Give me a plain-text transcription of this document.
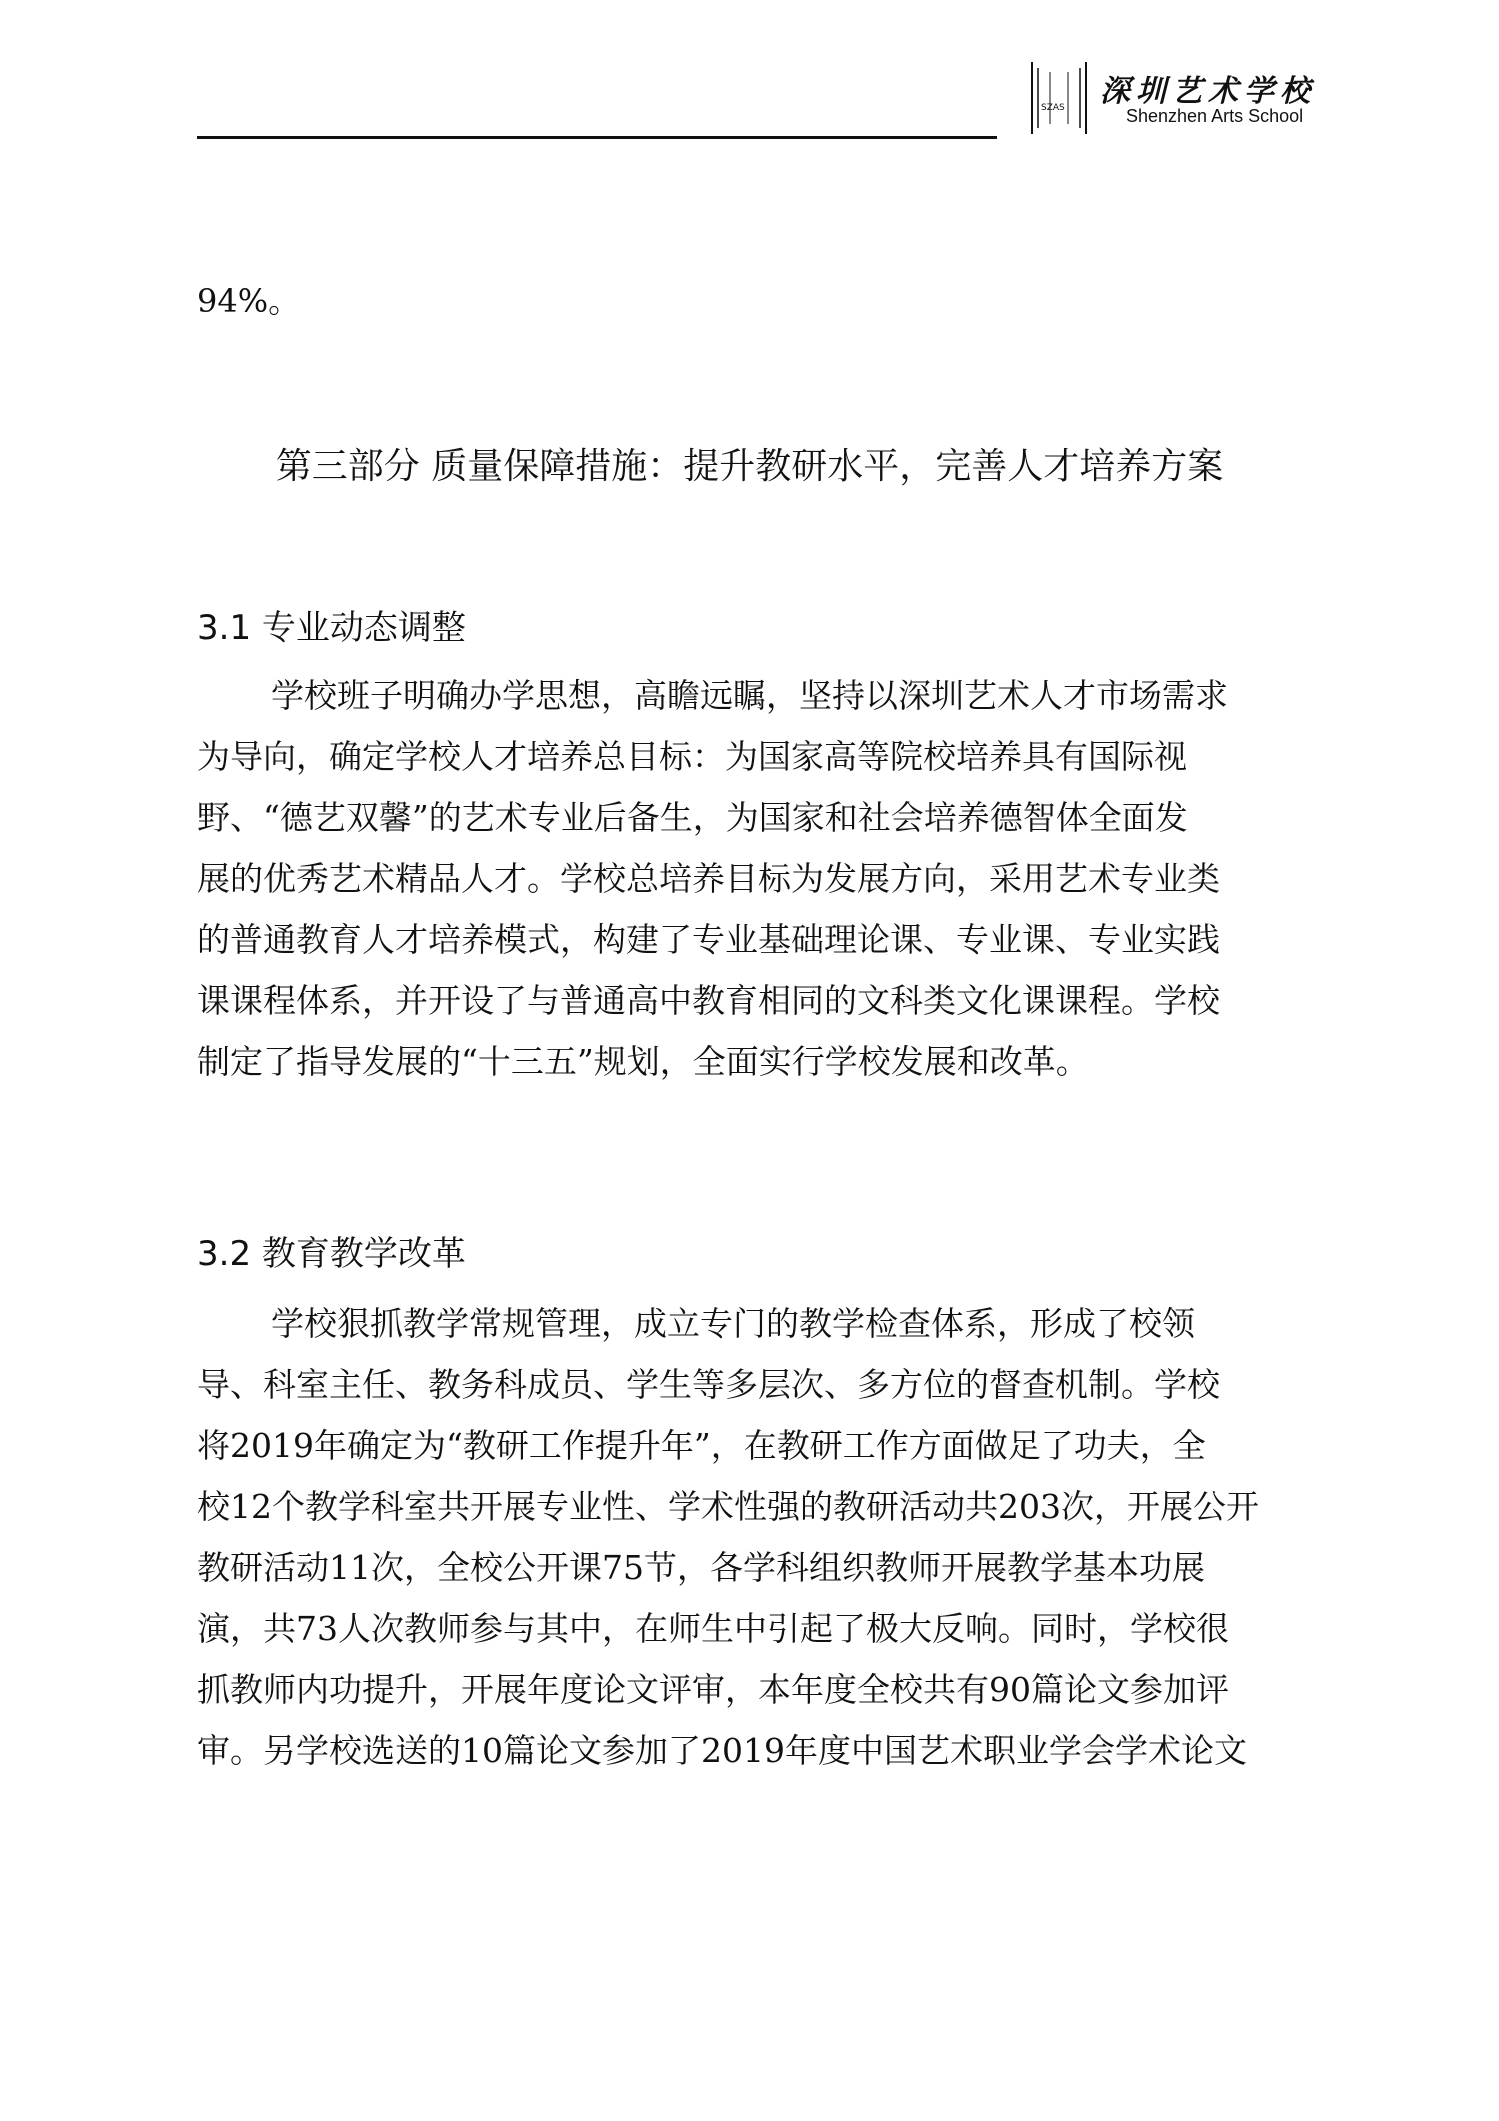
SZAS 深圳艺术学校
Shenzhen Arts School
94%。
第三部分 质量保障措施：提升教研水平，完善人才培养方案
3.1 专业动态调整
学校班子明确办学思想，高瞻远瞩，坚持以深圳艺术人才市场需求
为导向，确定学校人才培养总目标：为国家高等院校培养具有国际视
野、“德艺双馨”的艺术专业后备生，为国家和社会培养德智体全面发
展的优秀艺术精品人才。学校总培养目标为发展方向，采用艺术专业类
的普通教育人才培养模式，构建了专业基础理论课、专业课、专业实践
课课程体系，并开设了与普通高中教育相同的文科类文化课课程。学校
制定了指导发展的“十三五”规划，全面实行学校发展和改革。
3.2 教育教学改革
学校狠抓教学常规管理，成立专门的教学检查体系，形成了校领
导、科室主任、教务科成员、学生等多层次、多方位的督查机制。学校
将2019年确定为“教研工作提升年”，在教研工作方面做足了功夫，全
校12个教学科室共开展专业性、学术性强的教研活动共203次，开展公开
教研活动11次，全校公开课75节，各学科组织教师开展教学基本功展
演，共73人次教师参与其中，在师生中引起了极大反响。同时，学校很
抓教师内功提升，开展年度论文评审，本年度全校共有90篇论文参加评
审。另学校选送的10篇论文参加了2019年度中国艺术职业学会学术论文
